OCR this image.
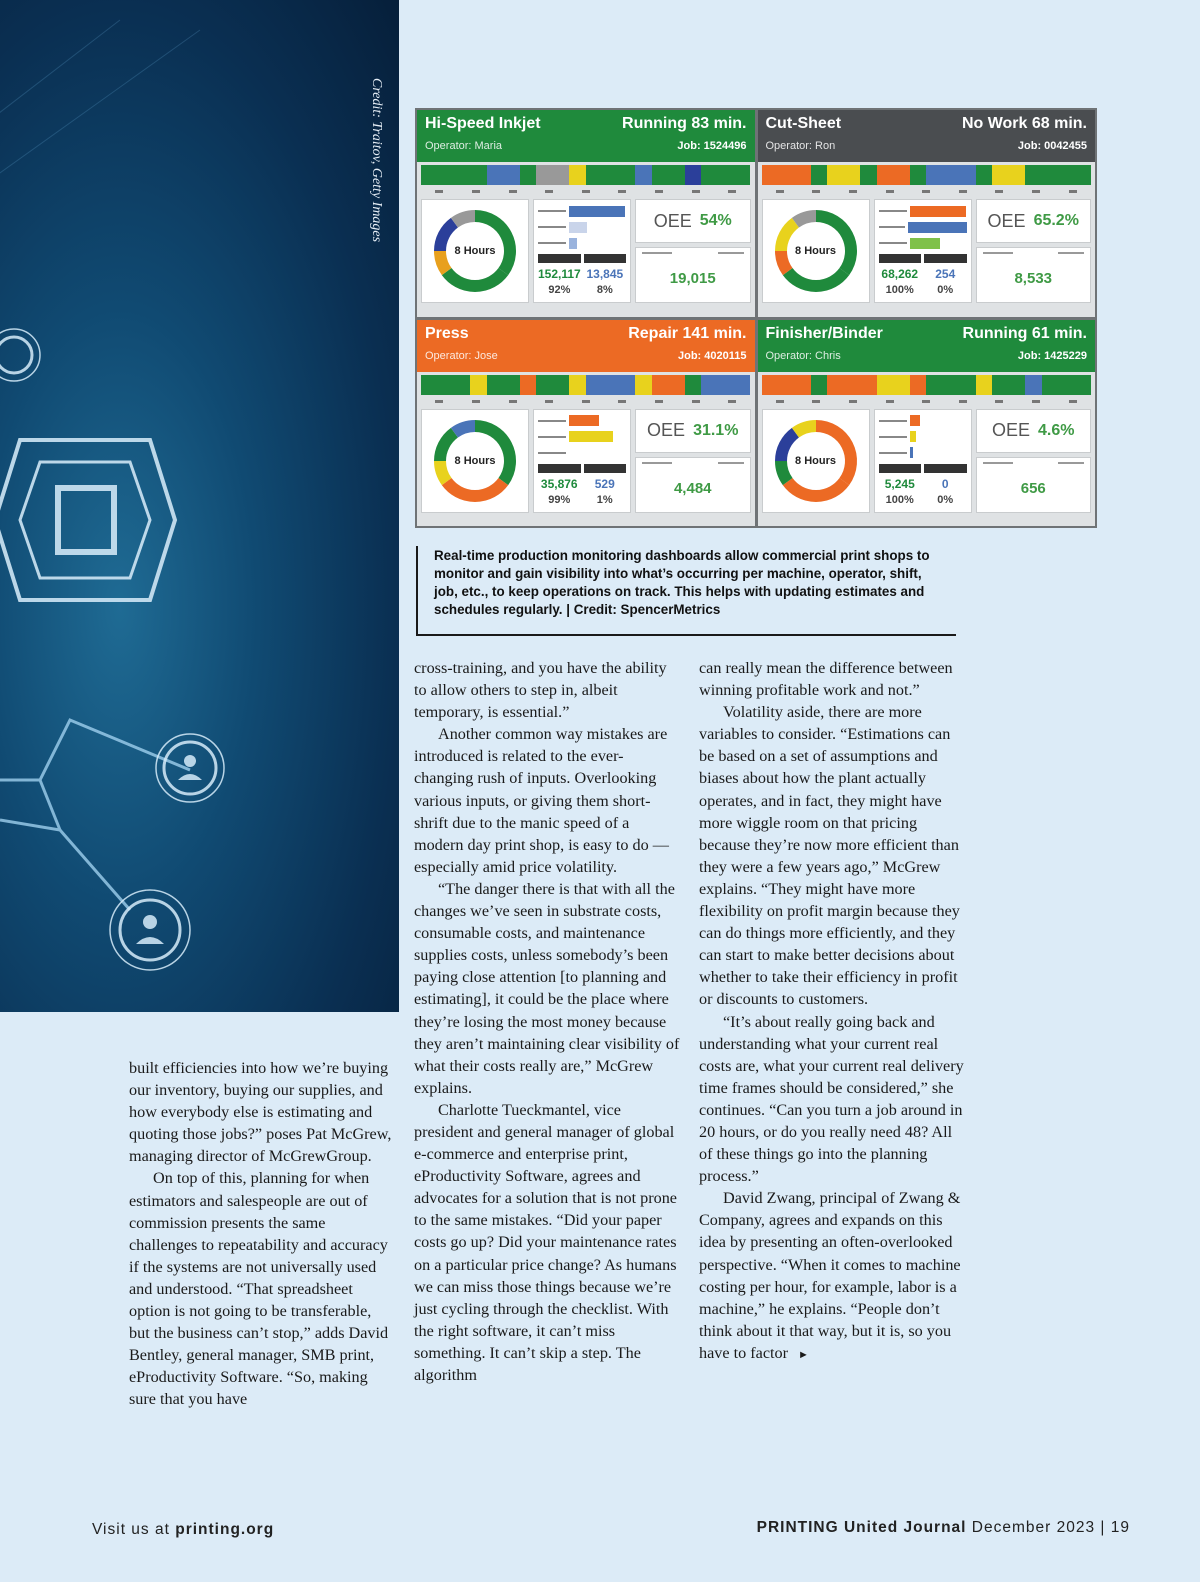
Credit: Traitov, Getty Images	Hi-Speed Inkjet	Running 83 min.
Operator: Maria	Job: 1524496
8 Hours
152,117
92%
13,845
8%
OEE 54%
19,015
Cut-Sheet	No Work 68 min.
Operator: Ron	Job: 0042455
8 Hours
68,262
100%
254
0%
OEE 65.2%
8,533
Press	Repair 141 min.
Operator: Jose	Job: 4020115
8 Hours
35,876
99%
529
1%
OEE 31.1%
4,484
Finisher/Binder	Running 61 min.
Operator: Chris	Job: 1425229
8 Hours
5,245
100%
0
0%
OEE 4.6%
656
Real-time production monitoring dashboards allow commercial print shops to monitor and gain visibility into what’s occurring per machine, operator, shift, job, etc., to keep operations on track. This helps with updating estimates and schedules regularly. | Credit: SpencerMetrics

built efficiencies into how we’re buying our inventory, buying our supplies, and how everybody else is estimating and quoting those jobs?” poses Pat McGrew, managing director of McGrewGroup.

On top of this, planning for when estimators and salespeople are out of commission presents the same challenges to repeatability and accuracy if the systems are not universally used and understood. “That spreadsheet option is not going to be transferable, but the business can’t stop,” adds David Bentley, general manager, SMB print, eProductivity Software. “So, making sure that you have

cross-training, and you have the ability to allow others to step in, albeit temporary, is essential.”

Another common way mistakes are introduced is related to the ever-changing rush of inputs. Overlooking various inputs, or giving them short-shrift due to the manic speed of a modern day print shop, is easy to do — especially amid price volatility.

“The danger there is that with all the changes we’ve seen in substrate costs, consumable costs, and maintenance supplies costs, unless somebody’s been paying close attention [to planning and estimating], it could be the place where they’re losing the most money because they aren’t maintaining clear visibility of what their costs really are,” McGrew explains.

Charlotte Tueckmantel, vice president and general manager of global e-commerce and enterprise print, eProductivity Software, agrees and advocates for a solution that is not prone to the same mistakes. “Did your paper costs go up? Did your maintenance rates on a particular price change? As humans we can miss those things because we’re just cycling through the checklist. With the right software, it can’t miss something. It can’t skip a step. The algorithm

can really mean the difference between winning profitable work and not.”

Volatility aside, there are more variables to consider. “Estimations can be based on a set of assumptions and biases about how the plant actually operates, and in fact, they might have more wiggle room on that pricing because they’re now more efficient than they were a few years ago,” McGrew explains. “They might have more flexibility on profit margin because they can do things more efficiently, and they can start to make better decisions about whether to take their efficiency in profit or discounts to customers.

“It’s about really going back and understanding what your current real costs are, what your current real delivery time frames should be considered,” she continues. “Can you turn a job around in 20 hours, or do you really need 48? All of these things go into the planning process.”

David Zwang, principal of Zwang & Company, agrees and expands on this idea by presenting an often-overlooked perspective. “When it comes to machine costing per hour, for example, labor is a machine,” he explains. “People don’t think about it that way, but it is, so you have to factor ►

Visit us at printing.org	PRINTING United Journal December 2023 | 19
